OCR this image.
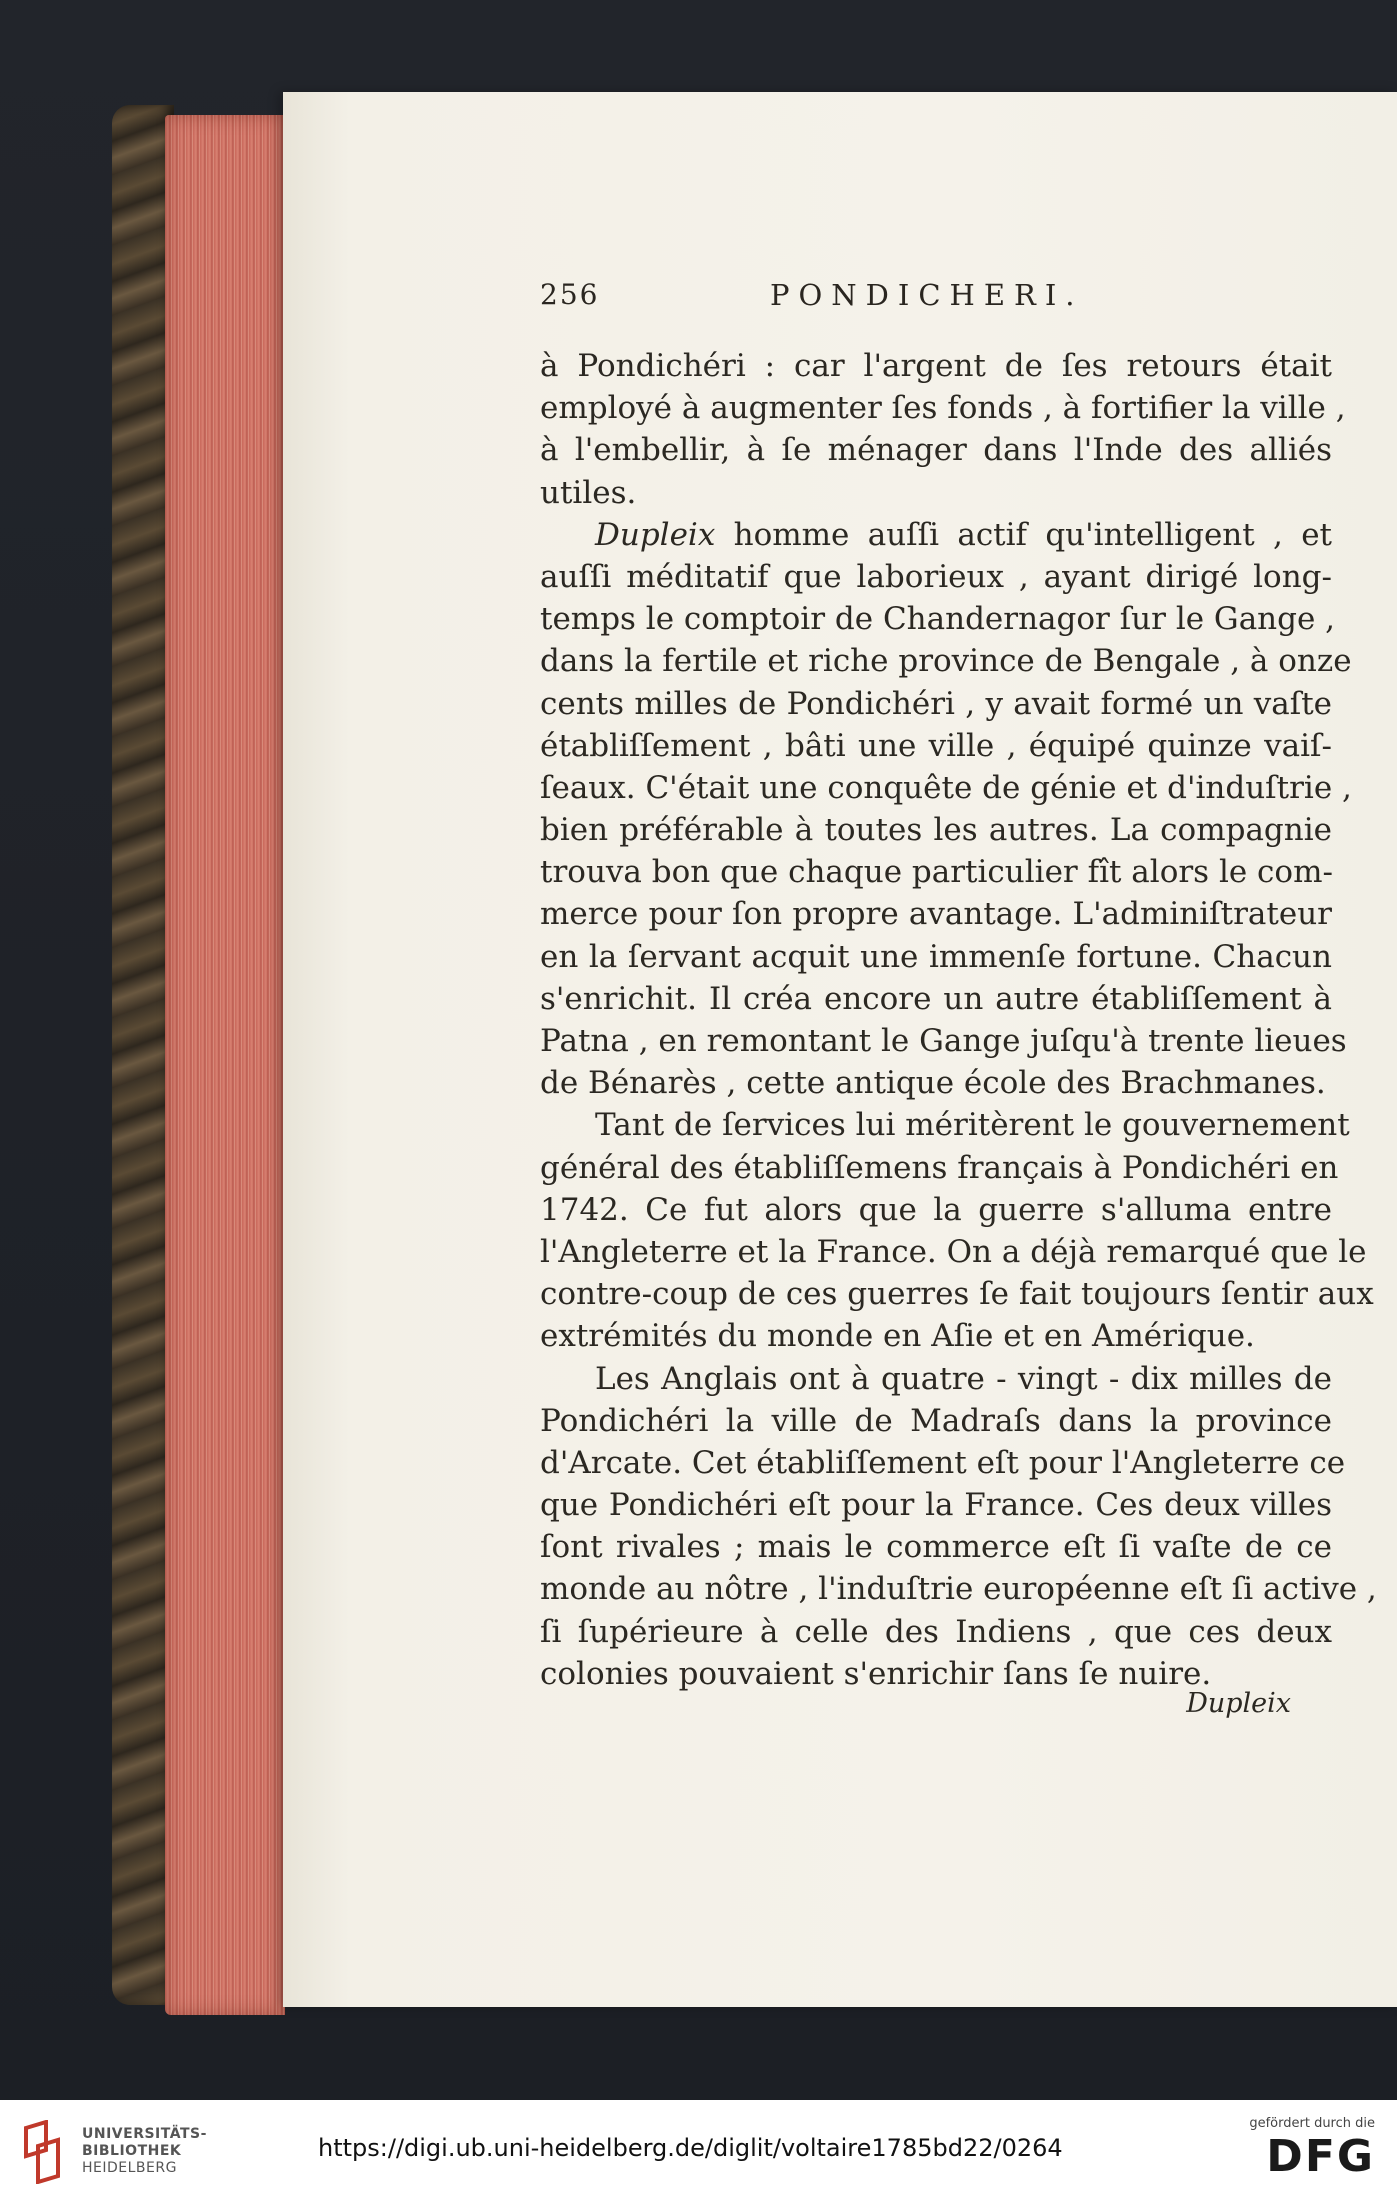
256	PONDICHERI.

à Pondichéri : car l'argent de ſes retours était
employé à augmenter ſes fonds , à fortifier la ville ,
à l'embellir, à ſe ménager dans l'Inde des alliés
utiles.

Dupleix homme auſſi actif qu'intelligent , et
auſſi méditatif que laborieux , ayant dirigé long-
temps le comptoir de Chandernagor ſur le Gange ,
dans la fertile et riche province de Bengale , à onze
cents milles de Pondichéri , y avait formé un vaſte
établiſſement , bâti une ville , équipé quinze vaiſ-
ſeaux. C'était une conquête de génie et d'induſtrie ,
bien préférable à toutes les autres. La compagnie
trouva bon que chaque particulier fît alors le com-
merce pour ſon propre avantage. L'adminiſtrateur
en la ſervant acquit une immenſe fortune. Chacun
s'enrichit. Il créa encore un autre établiſſement à
Patna , en remontant le Gange juſqu'à trente lieues
de Bénarès , cette antique école des Brachmanes.

Tant de ſervices lui méritèrent le gouvernement
général des établiſſemens français à Pondichéri en
1742. Ce fut alors que la guerre s'alluma entre
l'Angleterre et la France. On a déjà remarqué que le
contre-coup de ces guerres ſe fait toujours ſentir aux
extrémités du monde en Aſie et en Amérique.

Les Anglais ont à quatre - vingt - dix milles de
Pondichéri la ville de Madraſs dans la province
d'Arcate. Cet établiſſement eſt pour l'Angleterre ce
que Pondichéri eſt pour la France. Ces deux villes
ſont rivales ; mais le commerce eſt ſi vaſte de ce
monde au nôtre , l'induſtrie européenne eſt ſi active ,
ſi ſupérieure à celle des Indiens , que ces deux
colonies pouvaient s'enrichir ſans ſe nuire.

Dupleix
UNIVERSITÄTS-
BIBLIOTHEK
HEIDELBERG
https://digi.ub.uni-heidelberg.de/diglit/voltaire1785bd22/0264
gefördert durch die
DFG
